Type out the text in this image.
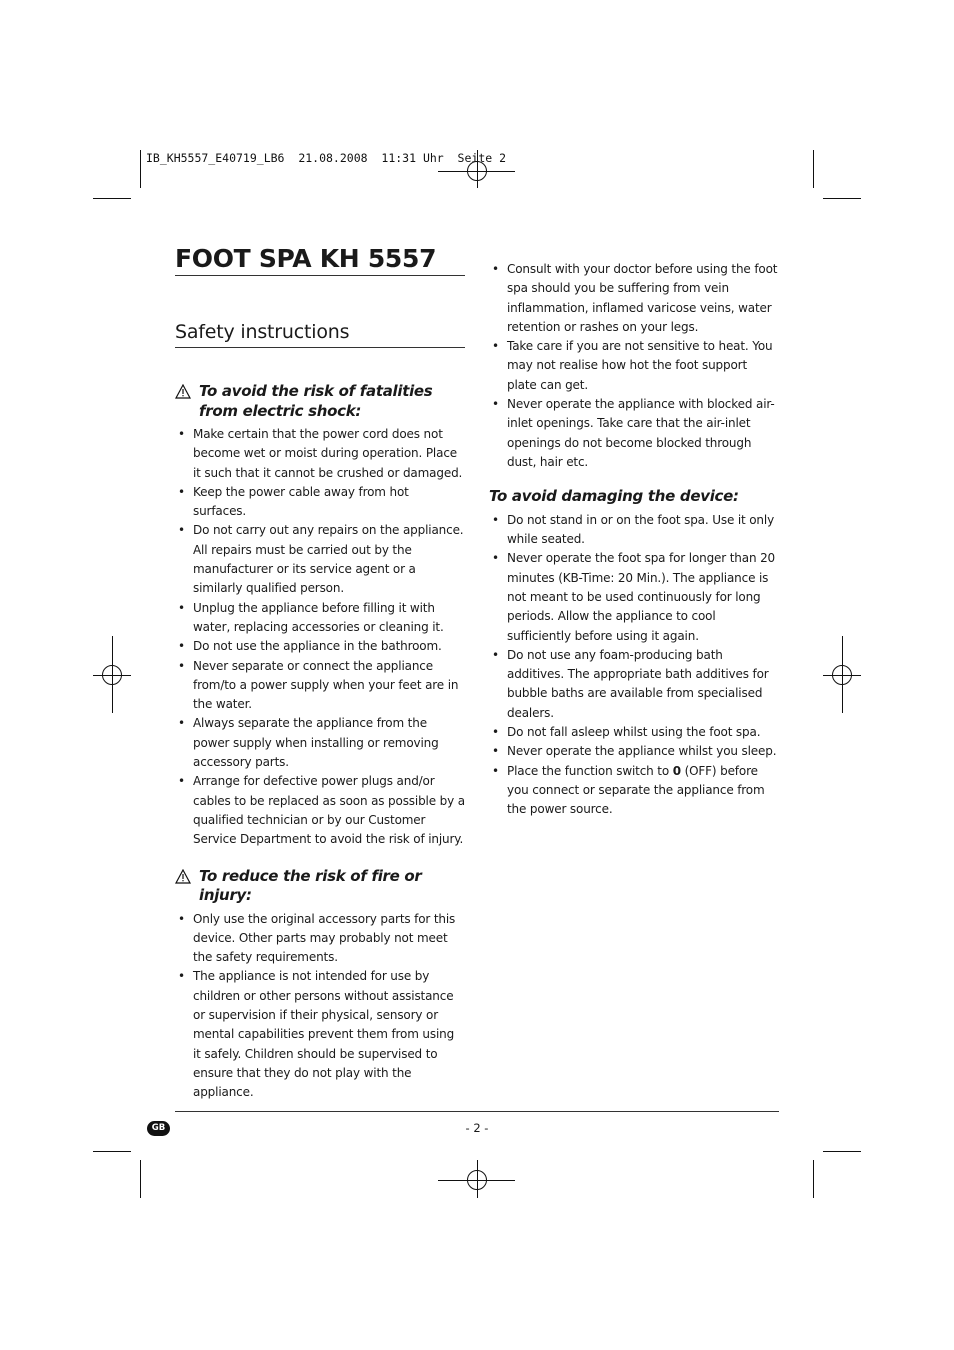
IB_KH5557_E40719_LB6  21.08.2008  11:31 Uhr  Seite 2
FOOT SPA KH 5557
Safety instructions
To avoid the risk of fatalities from electric shock:
• Make certain that the power cord does not become wet or moist during operation. Place it such that it cannot be crushed or damaged.
• Keep the power cable away from hot surfaces.
• Do not carry out any repairs on the appliance. All repairs must be carried out by the manufacturer or its service agent or a similarly qualified person.
• Unplug the appliance before filling it with water, replacing accessories or cleaning it.
• Do not use the appliance in the bathroom.
• Never separate or connect the appliance from/to a power supply when your feet are in the water.
• Always separate the appliance from the power supply when installing or removing accessory parts.
• Arrange for defective power plugs and/or cables to be replaced as soon as possible by a qualified technician or by our Customer Service Department to avoid the risk of injury.
To reduce the risk of fire or injury:
• Only use the original accessory parts for this device. Other parts may probably not meet the safety requirements.
• The appliance is not intended for use by children or other persons without assistance or supervision if their physical, sensory or mental capabilities prevent them from using it safely. Children should be supervised to ensure that they do not play with the appliance.
• Consult with your doctor before using the foot spa should you be suffering from vein inflammation, inflamed varicose veins, water retention or rashes on your legs.
• Take care if you are not sensitive to heat. You may not realise how hot the foot support plate can get.
• Never operate the appliance with blocked air-inlet openings. Take care that the air-inlet openings do not become blocked through dust, hair etc.
To avoid damaging the device:
• Do not stand in or on the foot spa. Use it only while seated.
• Never operate the foot spa for longer than 20 minutes (KB-Time: 20 Min.). The appliance is not meant to be used continuously for long periods. Allow the appliance to cool sufficiently before using it again.
• Do not use any foam-producing bath additives. The appropriate bath additives for bubble baths are available from specialised dealers.
• Do not fall asleep whilst using the foot spa.
• Never operate the appliance whilst you sleep.
• Place the function switch to 0 (OFF) before you connect or separate the appliance from the power source.
GB	- 2 -
